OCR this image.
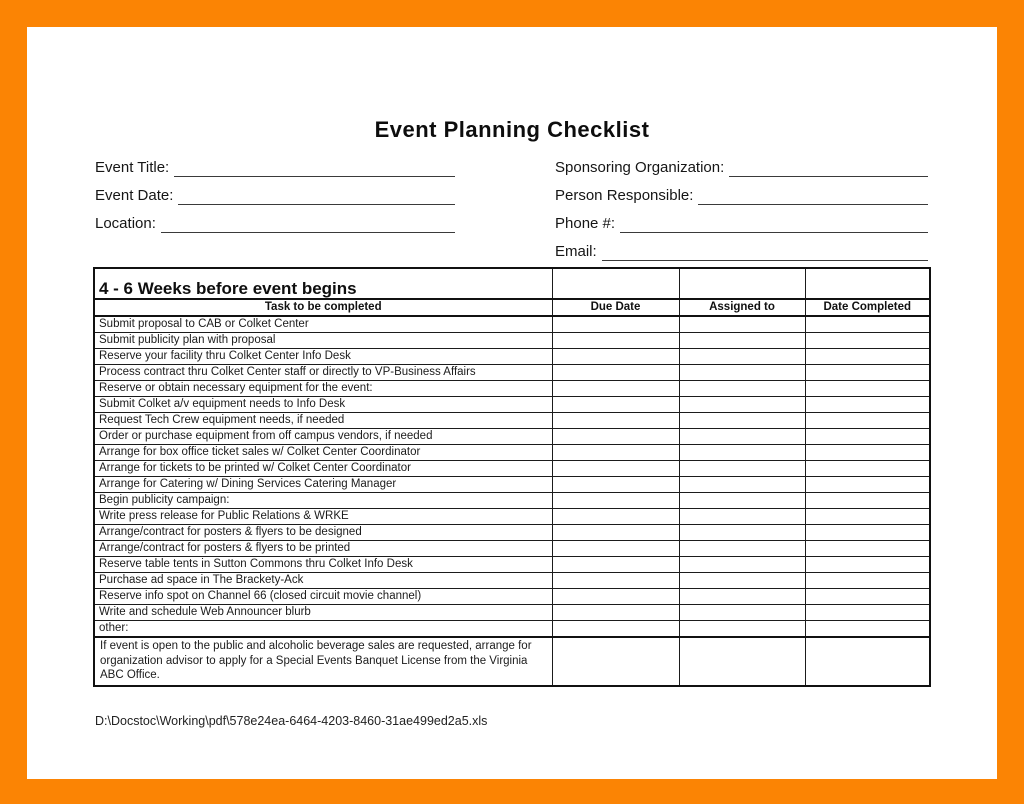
Event Planning Checklist
Event Title:
Event Date:
Location:
Sponsoring Organization:
Person Responsible:
Phone #:
Email:
4 - 6 Weeks before event begins			
Task to be completed	Due Date	Assigned to	Date Completed
Submit proposal to CAB or Colket Center			
Submit publicity plan with proposal			
Reserve your facility thru Colket Center Info Desk			
Process contract thru Colket Center staff or directly to VP-Business Affairs			
Reserve or obtain necessary equipment for the event:			
Submit Colket a/v equipment needs to Info Desk			
Request Tech Crew equipment needs, if needed			
Order or purchase equipment from off campus vendors, if needed			
Arrange for box office ticket sales w/ Colket Center Coordinator			
Arrange for tickets to be printed w/ Colket Center Coordinator			
Arrange for Catering w/ Dining Services Catering Manager			
Begin publicity campaign:			
Write press release for Public Relations & WRKE			
Arrange/contract for posters & flyers to be designed			
Arrange/contract for posters & flyers to be printed			
Reserve table tents in Sutton Commons thru Colket Info Desk			
Purchase ad space in The Brackety-Ack			
Reserve info spot on Channel 66 (closed circuit movie channel)			
Write and schedule Web Announcer blurb			
other:			
If event is open to the public and alcoholic beverage sales are requested, arrange for organization advisor to apply for a Special Events Banquet License from the Virginia ABC Office.			
D:\Docstoc\Working\pdf\578e24ea-6464-4203-8460-31ae499ed2a5.xls
